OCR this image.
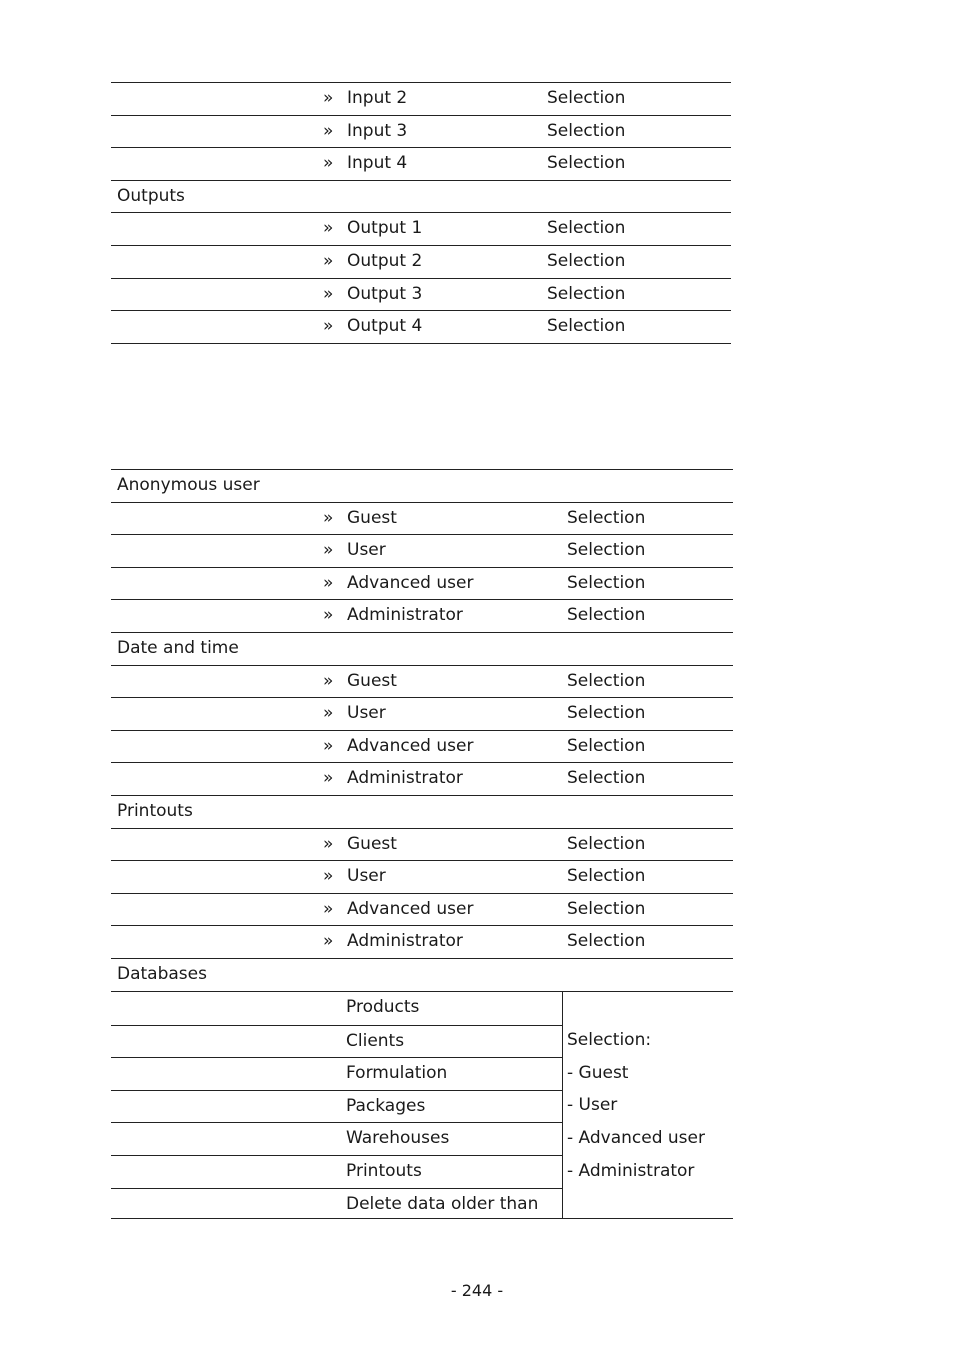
» Input 2	Selection
» Input 3	Selection
» Input 4	Selection
Outputs
» Output 1	Selection
» Output 2	Selection
» Output 3	Selection
» Output 4	Selection
Anonymous user
» Guest	Selection
» User	Selection
» Advanced user	Selection
» Administrator	Selection
Date and time
» Guest	Selection
» User	Selection
» Advanced user	Selection
» Administrator	Selection
Printouts
» Guest	Selection
» User	Selection
» Advanced user	Selection
» Administrator	Selection
Databases
Products
Clients
Formulation
Packages
Warehouses
Printouts
Delete data older than
Selection:
- Guest
- User
- Advanced user
- Administrator
- 244 -
